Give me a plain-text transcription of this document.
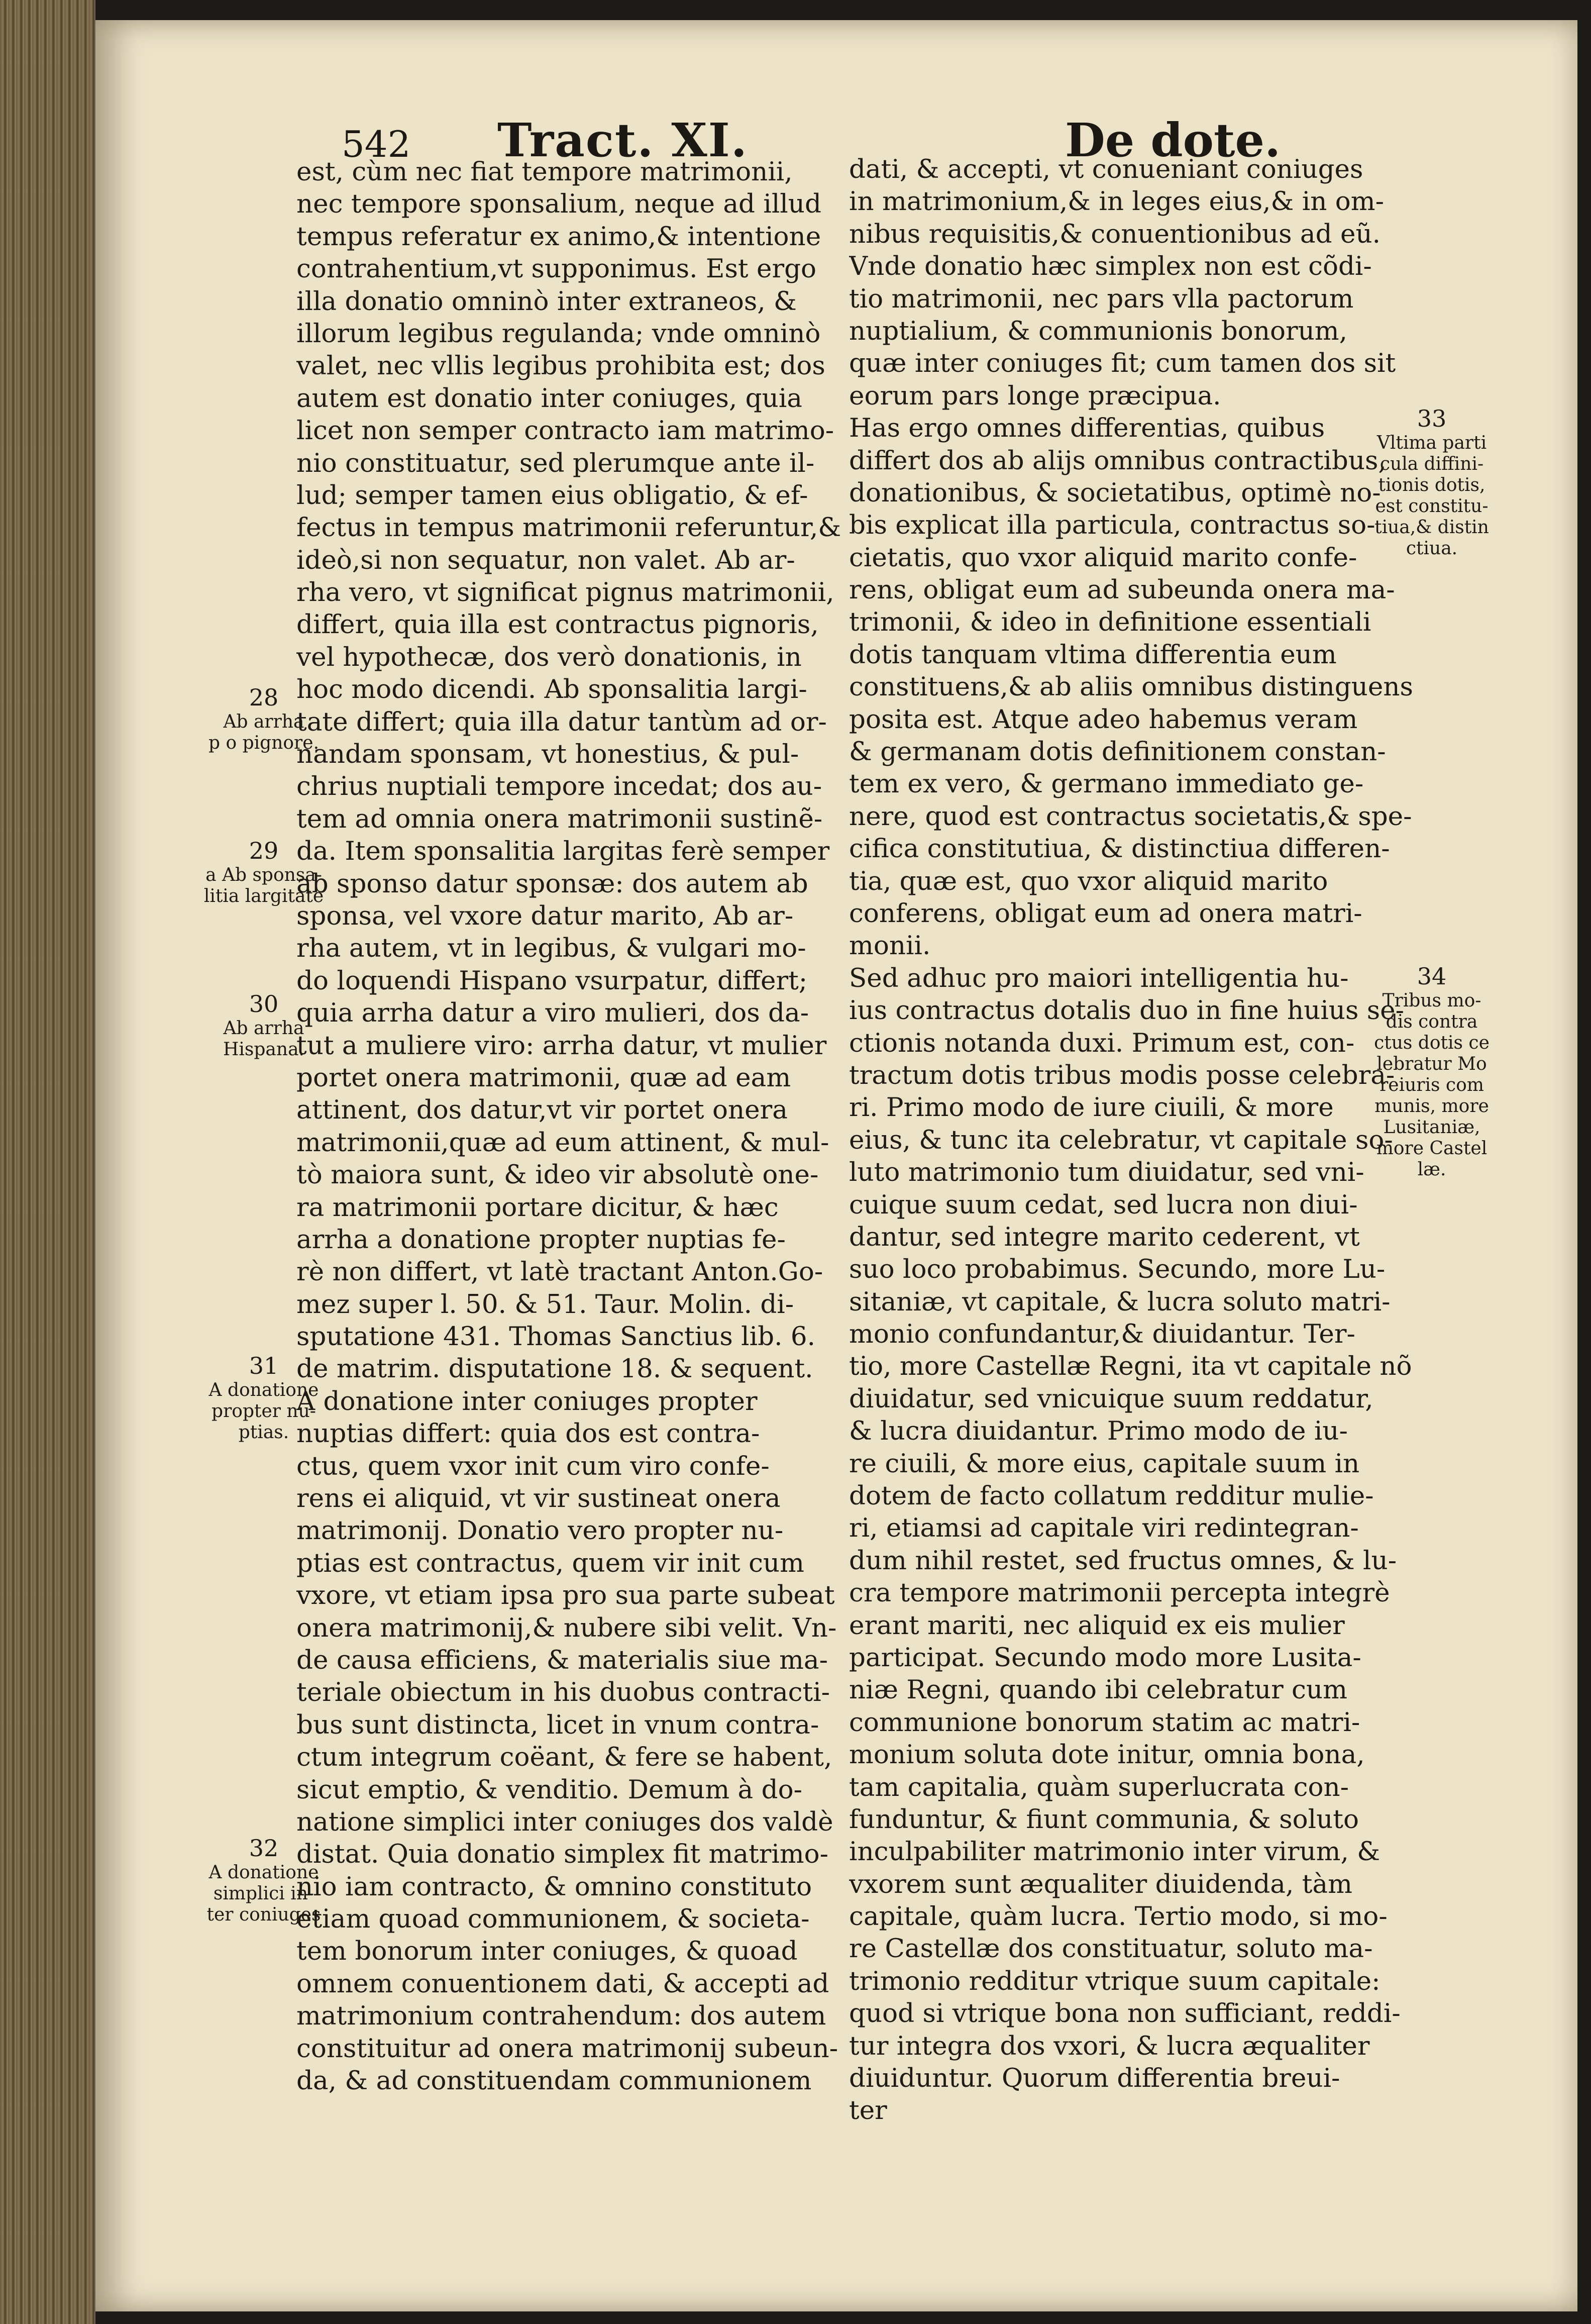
542 Tract. XI.	De dote.
est, cùm nec fiat tempore matrimonii,
nec tempore sponsalium, neque ad illud
tempus referatur ex animo,& intentione
contrahentium,vt supponimus. Est ergo
illa donatio omninò inter extraneos, &
illorum legibus regulanda; vnde omninò
valet, nec vllis legibus prohibita est; dos
autem est donatio inter coniuges, quia
licet non semper contracto iam matrimo-
nio constituatur, sed plerumque ante il-
lud; semper tamen eius obligatio, & ef-
fectus in tempus matrimonii referuntur,&
ideò,si non sequatur, non valet. Ab ar-
rha vero, vt significat pignus matrimonii,
differt, quia illa est contractus pignoris,
vel hypothecæ, dos verò donationis, in
hoc modo dicendi. Ab sponsalitia largi-
tate differt; quia illa datur tantùm ad or-
nandam sponsam, vt honestius, & pul-
chrius nuptiali tempore incedat; dos au-
tem ad omnia onera matrimonii sustinẽ-
da. Item sponsalitia largitas ferè semper
ab sponso datur sponsæ: dos autem ab
sponsa, vel vxore datur marito, Ab ar-
rha autem, vt in legibus, & vulgari mo-
do loquendi Hispano vsurpatur, differt;
quia arrha datur a viro mulieri, dos da-
tut a muliere viro: arrha datur, vt mulier
portet onera matrimonii, quæ ad eam
attinent, dos datur,vt vir portet onera
matrimonii,quæ ad eum attinent, & mul-
tò maiora sunt, & ideo vir absolutè one-
ra matrimonii portare dicitur, & hæc
arrha a donatione propter nuptias fe-
rè non differt, vt latè tractant Anton.Go-
mez super l. 50. & 51. Taur. Molin. di-
sputatione 431. Thomas Sanctius lib. 6.
de matrim. disputatione 18. & sequent.
A donatione inter coniuges propter
nuptias differt: quia dos est contra-
ctus, quem vxor init cum viro confe-
rens ei aliquid, vt vir sustineat onera
matrimonij. Donatio vero propter nu-
ptias est contractus, quem vir init cum
vxore, vt etiam ipsa pro sua parte subeat
onera matrimonij,& nubere sibi velit. Vn-
de causa efficiens, & materialis siue ma-
teriale obiectum in his duobus contracti-
bus sunt distincta, licet in vnum contra-
ctum integrum coëant, & fere se habent,
sicut emptio, & venditio. Demum à do-
natione simplici inter coniuges dos valdè
distat. Quia donatio simplex fit matrimo-
nio iam contracto, & omnino constituto
etiam quoad communionem, & societa-
tem bonorum inter coniuges, & quoad
omnem conuentionem dati, & accepti ad
matrimonium contrahendum: dos autem
constituitur ad onera matrimonij subeun-
da, & ad constituendam communionem
dati, & accepti, vt conueniant coniuges
in matrimonium,& in leges eius,& in om-
nibus requisitis,& conuentionibus ad eũ.
Vnde donatio hæc simplex non est cõdi-
tio matrimonii, nec pars vlla pactorum
nuptialium, & communionis bonorum,
quæ inter coniuges fit; cum tamen dos sit
eorum pars longe præcipua.
Has ergo omnes differentias, quibus
differt dos ab alijs omnibus contractibus,
donationibus, & societatibus, optimè no-
bis explicat illa particula, contractus so-
cietatis, quo vxor aliquid marito confe-
rens, obligat eum ad subeunda onera ma-
trimonii, & ideo in definitione essentiali
dotis tanquam vltima differentia eum
constituens,& ab aliis omnibus distinguens
posita est. Atque adeo habemus veram
& germanam dotis definitionem constan-
tem ex vero, & germano immediato ge-
nere, quod est contractus societatis,& spe-
cifica constitutiua, & distinctiua differen-
tia, quæ est, quo vxor aliquid marito
conferens, obligat eum ad onera matri-
monii.
Sed adhuc pro maiori intelligentia hu-
ius contractus dotalis duo in fine huius se-
ctionis notanda duxi. Primum est, con-
tractum dotis tribus modis posse celebra-
ri. Primo modo de iure ciuili, & more
eius, & tunc ita celebratur, vt capitale so-
luto matrimonio tum diuidatur, sed vni-
cuique suum cedat, sed lucra non diui-
dantur, sed integre marito cederent, vt
suo loco probabimus. Secundo, more Lu-
sitaniæ, vt capitale, & lucra soluto matri-
monio confundantur,& diuidantur. Ter-
tio, more Castellæ Regni, ita vt capitale nõ
diuidatur, sed vnicuique suum reddatur,
& lucra diuidantur. Primo modo de iu-
re ciuili, & more eius, capitale suum in
dotem de facto collatum redditur mulie-
ri, etiamsi ad capitale viri redintegran-
dum nihil restet, sed fructus omnes, & lu-
cra tempore matrimonii percepta integrè
erant mariti, nec aliquid ex eis mulier
participat. Secundo modo more Lusita-
niæ Regni, quando ibi celebratur cum
communione bonorum statim ac matri-
monium soluta dote initur, omnia bona,
tam capitalia, quàm superlucrata con-
funduntur, & fiunt communia, & soluto
inculpabiliter matrimonio inter virum, &
vxorem sunt æqualiter diuidenda, tàm
capitale, quàm lucra. Tertio modo, si mo-
re Castellæ dos constituatur, soluto ma-
trimonio redditur vtrique suum capitale:
quod si vtrique bona non sufficiant, reddi-
tur integra dos vxori, & lucra æqualiter
diuiduntur. Quorum differentia breui-
ter
28
Ab arrha
p o pignore.
29
a Ab sponsa-
litia largitate
30
Ab arrha
Hispana.
31
A donatione
propter nu-
ptias.
32
A donatione
simplici in-
ter coniuges
33
Vltima parti
cula diffini-
tionis dotis,
est constitu-
tiua,& distin
ctiua.
34
Tribus mo-
dis contra
ctus dotis ce
lebratur Mo
reiuris com
munis, more
Lusitaniæ,
more Castel
læ.
